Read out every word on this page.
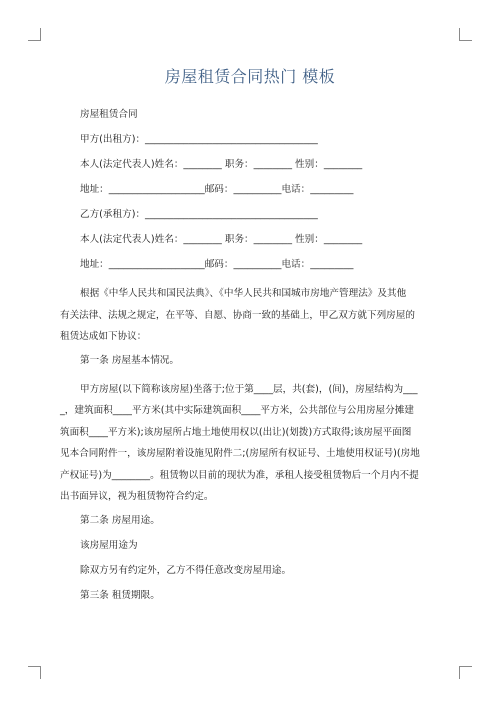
房屋租赁合同热门 模板
房屋租赁合同
甲方(出租方)：____________________________________
本人(法定代表人)姓名：________ 职务：________ 性别：________
地址：____________________邮码：__________电话：_________
乙方(承租方)：____________________________________
本人(法定代表人)姓名：________ 职务：________ 性别：________
地址：____________________邮码：__________电话：_________
根据《中华人民共和国民法典》、《中华人民共和国城市房地产管理法》及其他
有关法律、法规之规定，在平等、自愿、协商一致的基础上，甲乙双方就下列房屋的
租赁达成如下协议：
第一条 房屋基本情况。
甲方房屋(以下简称该房屋)坐落于;位于第____层，共(套)，(间)，房屋结构为___
_，建筑面积____平方米(其中实际建筑面积____平方米，公共部位与公用房屋分摊建
筑面积____平方米);该房屋所占地土地使用权以(出让)(划拨)方式取得;该房屋平面图
见本合同附件一，该房屋附着设施见附件二;(房屋所有权证号、土地使用权证号)(房地
产权证号)为________。租赁物以目前的现状为准，承租人接受租赁物后一个月内不提
出书面异议，视为租赁物符合约定。
第二条 房屋用途。
该房屋用途为
除双方另有约定外，乙方不得任意改变房屋用途。
第三条 租赁期限。
